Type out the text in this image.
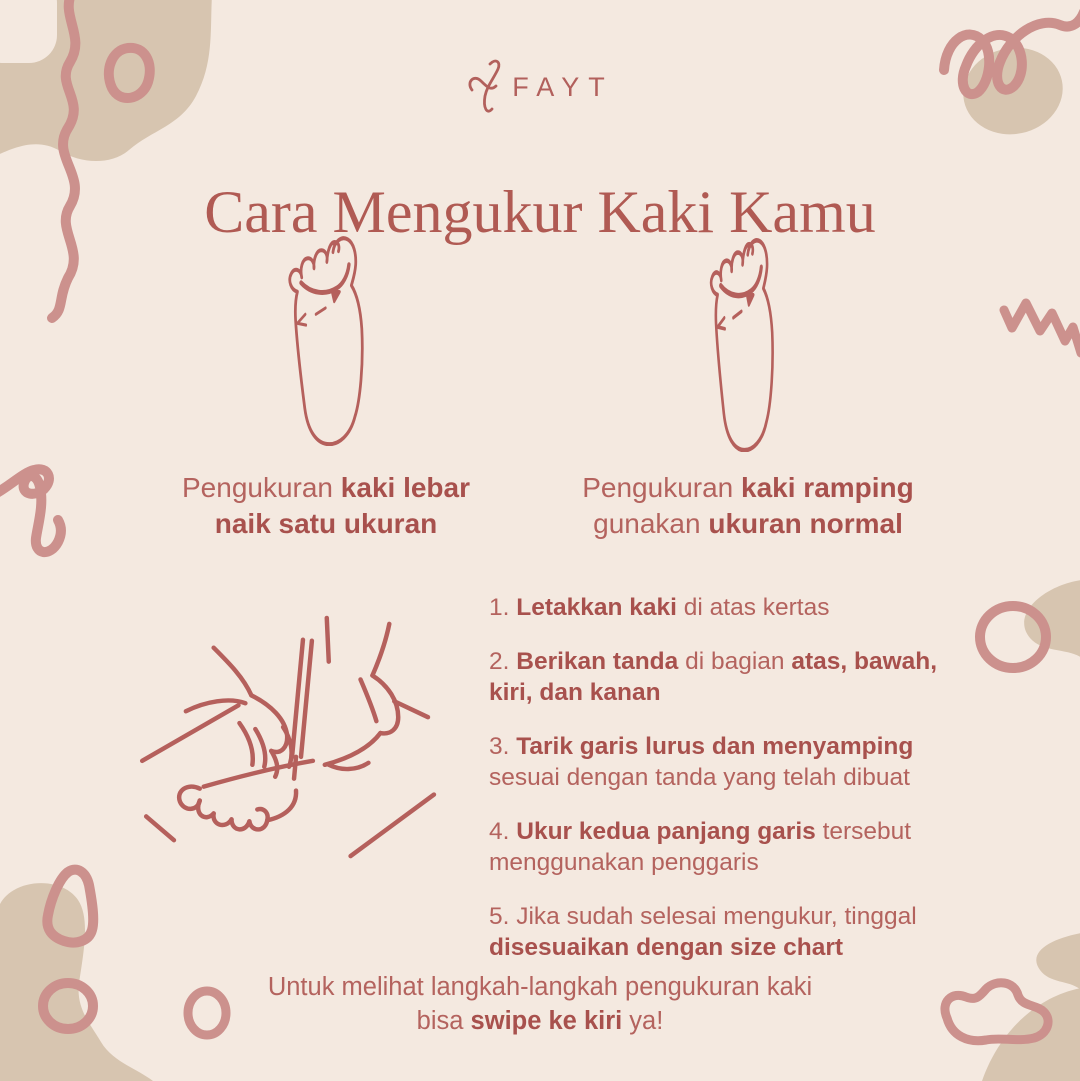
FAYT
Cara Mengukur Kaki Kamu
Pengukuran kaki lebar
naik satu ukuran
Pengukuran kaki ramping
gunakan ukuran normal
1. Letakkan kaki di atas kertas
2. Berikan tanda di bagian atas, bawah, kiri, dan kanan
3. Tarik garis lurus dan menyamping sesuai dengan tanda yang telah dibuat
4. Ukur kedua panjang garis tersebut menggunakan penggaris
5. Jika sudah selesai mengukur, tinggal disesuaikan dengan size chart
Untuk melihat langkah-langkah pengukuran kaki
bisa swipe ke kiri ya!
